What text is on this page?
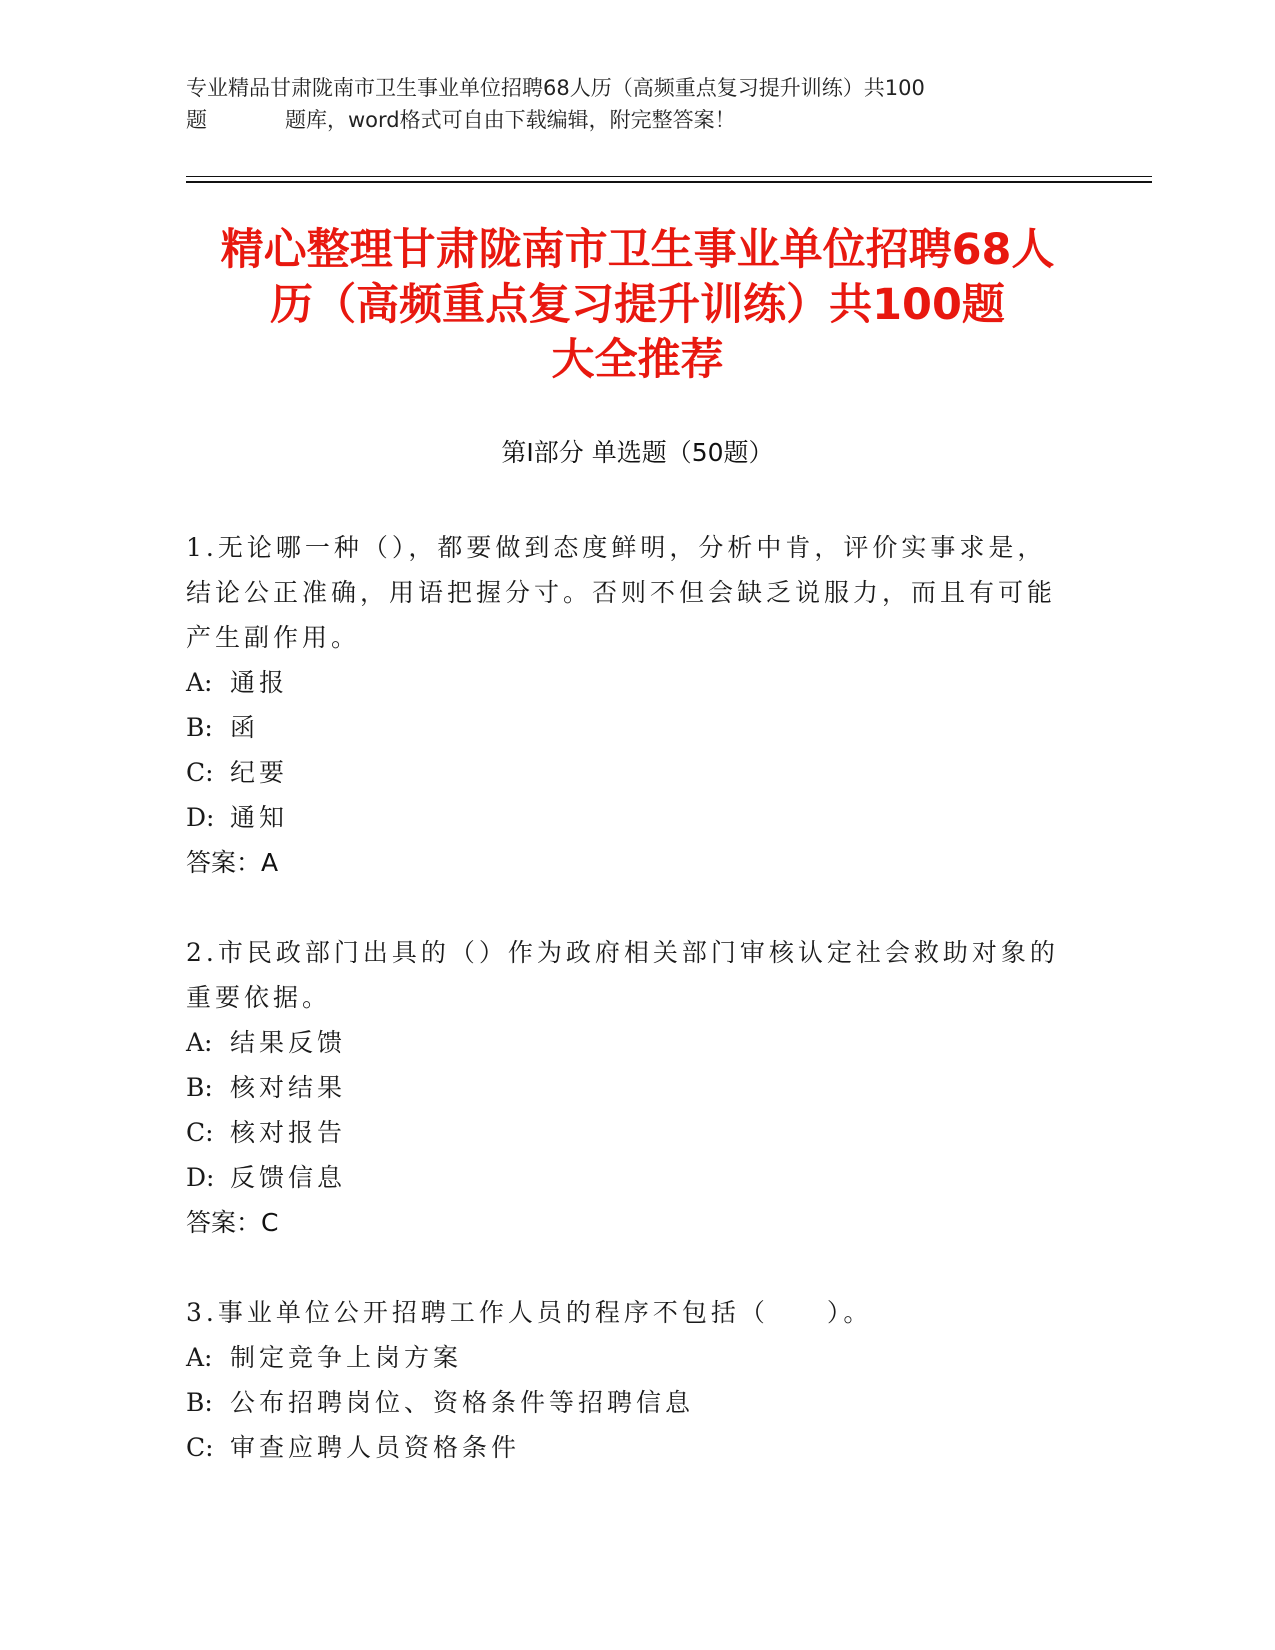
专业精品甘肃陇南市卫生事业单位招聘68人历（高频重点复习提升训练）共100
题	题库，word格式可自由下载编辑，附完整答案！
精心整理甘肃陇南市卫生事业单位招聘68人
历（高频重点复习提升训练）共100题
大全推荐
第Ⅰ部分 单选题（50题）
1.无论哪一种（），都要做到态度鲜明，分析中肯，评价实事求是，结论公正准确，用语把握分寸。否则不但会缺乏说服力，而且有可能产生副作用。
A: 通报
B: 函
C: 纪要
D: 通知
答案：A
2.市民政部门出具的（）作为政府相关部门审核认定社会救助对象的重要依据。
A: 结果反馈
B: 核对结果
C: 核对报告
D: 反馈信息
答案：C
3.事业单位公开招聘工作人员的程序不包括（　　）。
A: 制定竞争上岗方案
B: 公布招聘岗位、资格条件等招聘信息
C: 审查应聘人员资格条件
